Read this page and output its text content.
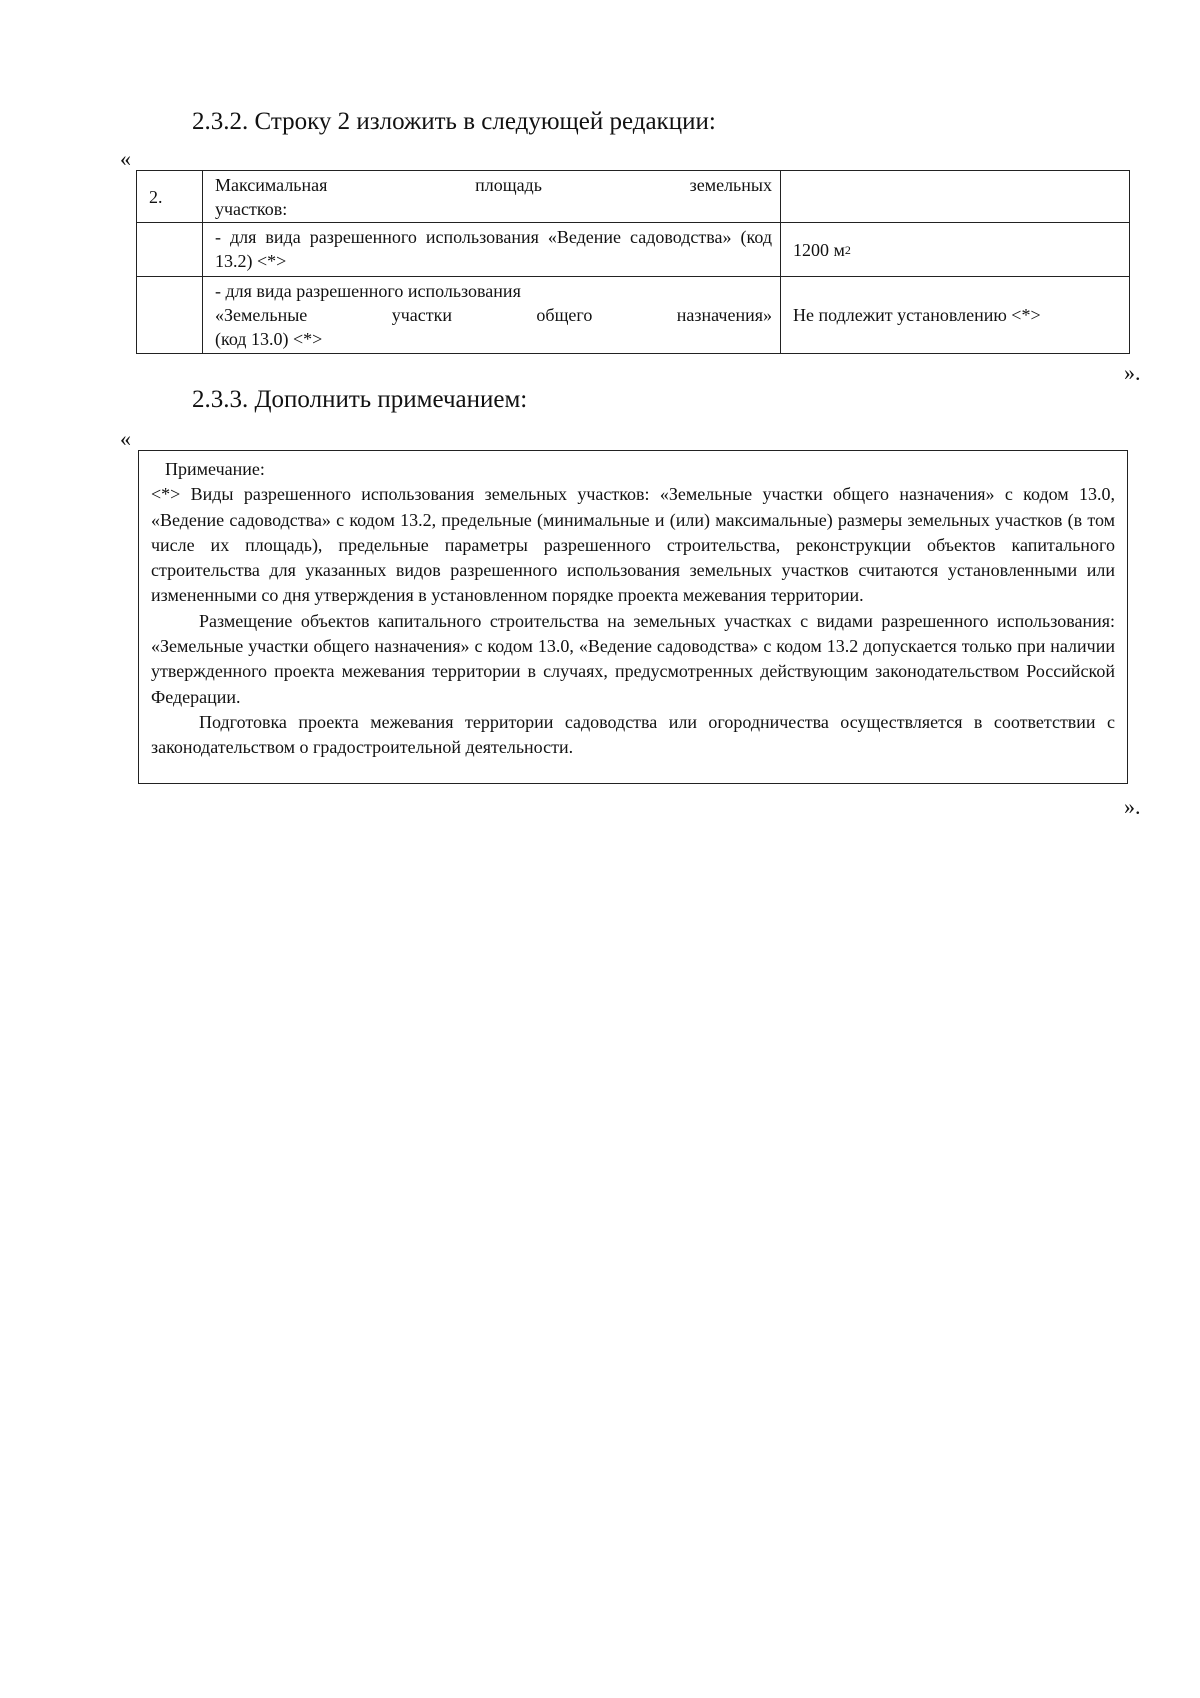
2.3.2. Строку 2 изложить в следующей редакции:
«
2.
Максимальная площадь земельных
участков:
- для вида разрешенного использования «Ведение садоводства» (код 13.2) <*>
1200 м 2
- для вида разрешенного использования
«Земельные участки общего назначения»
(код 13.0) <*>
Не подлежит установлению <*>
».
2.3.3. Дополнить примечанием:
«
Примечание:

<*> Виды разрешенного использования земельных участков: «Земельные участки общего назначения» с кодом 13.0, «Ведение садоводства» с кодом 13.2, предельные (минимальные и (или) максимальные) размеры земельных участков (в том числе их площадь), предельные параметры разрешенного строительства, реконструкции объектов капитального строительства для указанных видов разрешенного использования земельных участков считаются установленными или измененными со дня утверждения в установленном порядке проекта межевания территории.

Размещение объектов капитального строительства на земельных участках с видами разрешенного использования: «Земельные участки общего назначения» с кодом 13.0, «Ведение садоводства» с кодом 13.2 допускается только при наличии утвержденного проекта межевания территории в случаях, предусмотренных действующим законодательством Российской Федерации.

Подготовка проекта межевания территории садоводства или огородничества осуществляется в соответствии с законодательством о градостроительной деятельности.

».
